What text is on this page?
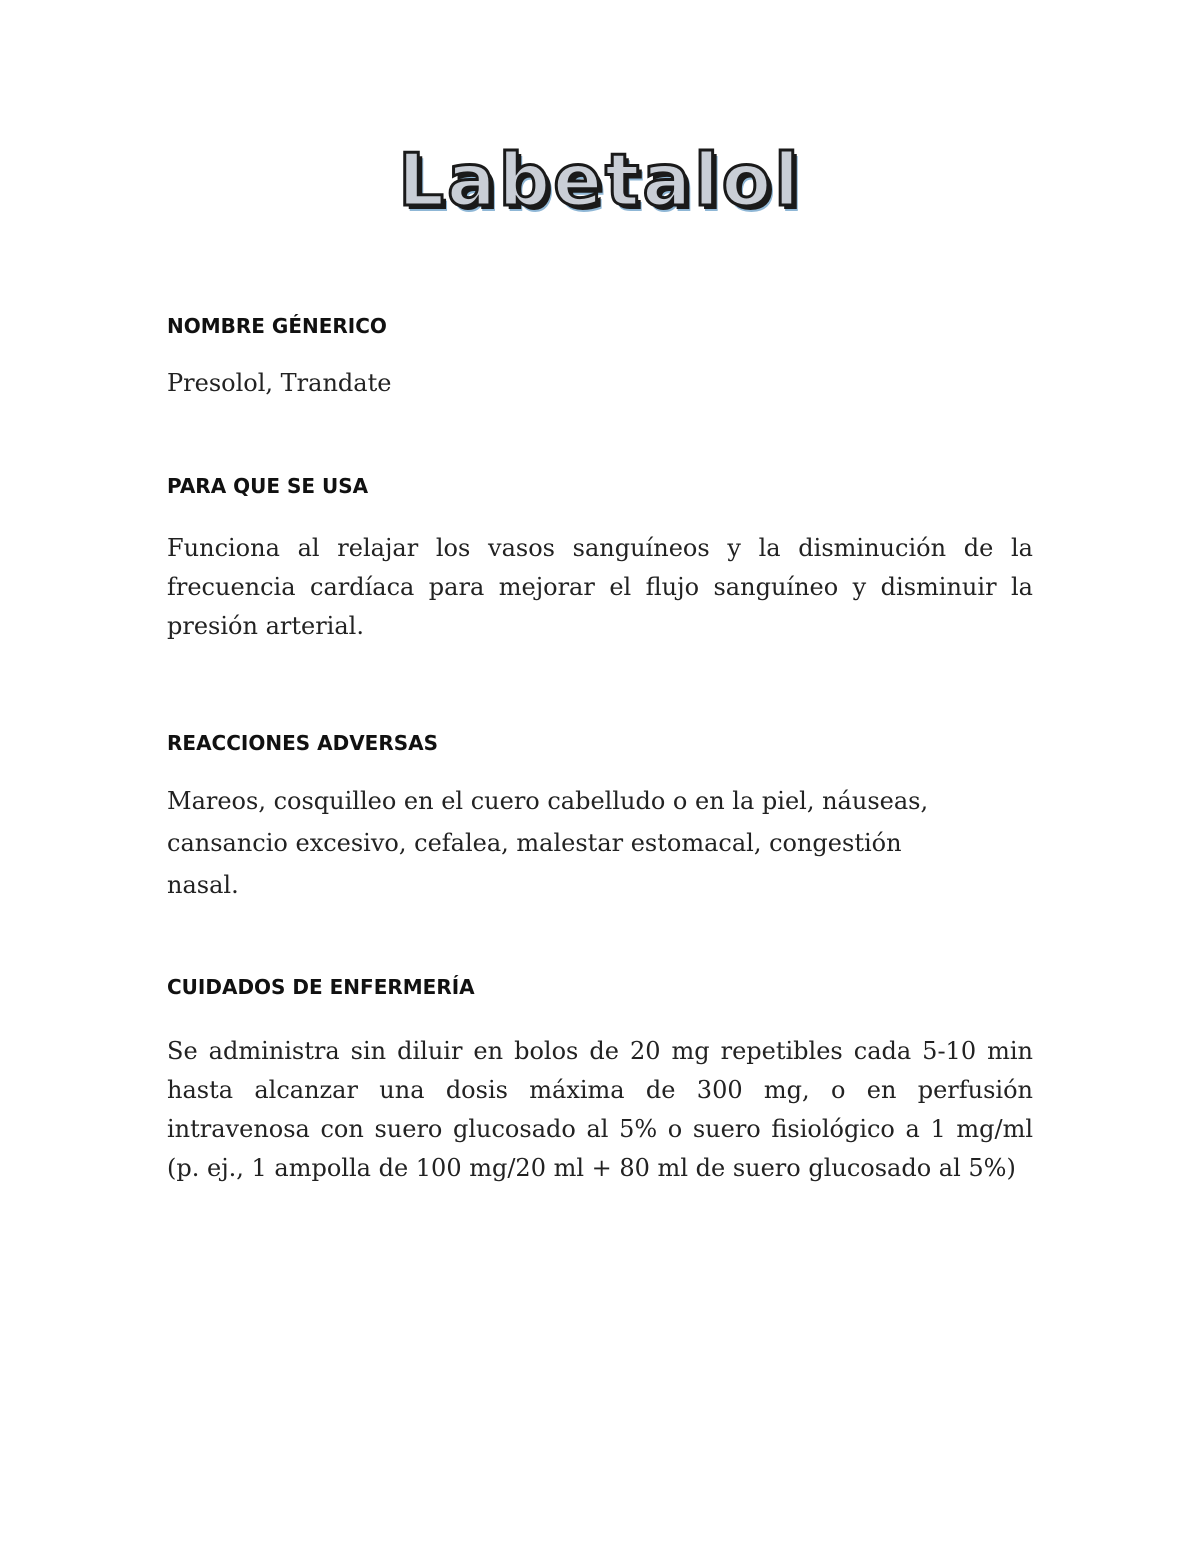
Labetalol
NOMBRE GÉNERICO
Presolol, Trandate
PARA QUE SE USA
Funciona al relajar los vasos sanguíneos y la disminución de la frecuencia cardíaca para mejorar el flujo sanguíneo y disminuir la presión arterial.
REACCIONES ADVERSAS
Mareos, cosquilleo en el cuero cabelludo o en la piel, náuseas, cansancio excesivo, cefalea, malestar estomacal, congestión nasal.
CUIDADOS DE ENFERMERÍA
Se administra sin diluir en bolos de 20 mg repetibles cada 5-10 min hasta alcanzar una dosis máxima de 300 mg, o en perfusión intravenosa con suero glucosado al 5% o suero fisiológico a 1 mg/ml (p. ej., 1 ampolla de 100 mg/20 ml + 80 ml de suero glucosado al 5%)
